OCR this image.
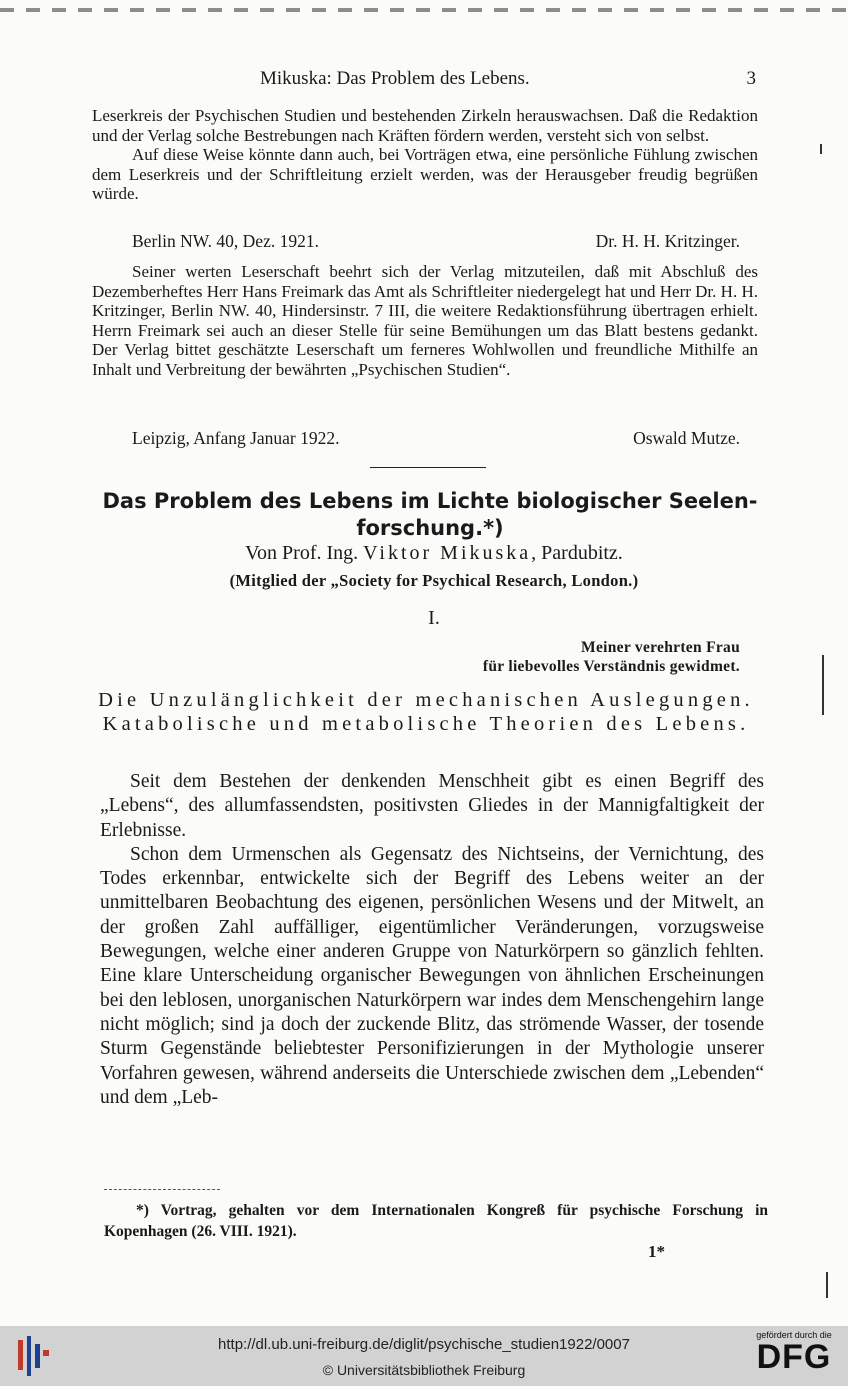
Mikuska: Das Problem des Lebens.	3

Leserkreis der Psychischen Studien und bestehenden Zirkeln herauswachsen. Daß die Redaktion und der Verlag solche Bestrebungen nach Kräften fördern werden, versteht sich von selbst.

Auf diese Weise könnte dann auch, bei Vorträgen etwa, eine persönliche Fühlung zwischen dem Leserkreis und der Schriftleitung erzielt werden, was der Herausgeber freudig begrüßen würde.

Berlin NW. 40, Dez. 1921.	Dr. H. H. Kritzinger.

Seiner werten Leserschaft beehrt sich der Verlag mitzuteilen, daß mit Abschluß des Dezemberheftes Herr Hans Freimark das Amt als Schriftleiter niedergelegt hat und Herr Dr. H. H. Kritzinger, Berlin NW. 40, Hindersinstr. 7 III, die weitere Redaktionsführung übertragen erhielt. Herrn Freimark sei auch an dieser Stelle für seine Bemühungen um das Blatt bestens gedankt. Der Verlag bittet geschätzte Leserschaft um ferneres Wohlwollen und freundliche Mithilfe an Inhalt und Verbreitung der bewährten „Psychischen Studien“.

Leipzig, Anfang Januar 1922.	Oswald Mutze.
Das Problem des Lebens im Lichte biologischer Seelen-
forschung.*)
Von Prof. Ing. Viktor Mikuska, Pardubitz.
(Mitglied der „Society for Psychical Research, London.)
I.
Meiner verehrten Frau
für liebevolles Verständnis gewidmet.
Die Unzulänglichkeit der mechanischen Auslegungen. Katabolische und metabolische Theorien des Lebens.

Seit dem Bestehen der denkenden Menschheit gibt es einen Begriff des „Lebens“, des allumfassendsten, positivsten Gliedes in der Mannigfaltigkeit der Erlebnisse.

Schon dem Urmenschen als Gegensatz des Nichtseins, der Vernichtung, des Todes erkennbar, entwickelte sich der Begriff des Lebens weiter an der unmittelbaren Beobachtung des eigenen, persönlichen Wesens und der Mitwelt, an der großen Zahl auffälliger, eigentümlicher Veränderungen, vorzugsweise Bewegungen, welche einer anderen Gruppe von Naturkörpern so gänzlich fehlten. Eine klare Unterscheidung organischer Bewegungen von ähnlichen Erscheinungen bei den leblosen, unorganischen Naturkörpern war indes dem Menschengehirn lange nicht möglich; sind ja doch der zuckende Blitz, das strömende Wasser, der tosende Sturm Gegenstände beliebtester Personifizierungen in der Mythologie unserer Vorfahren gewesen, während anderseits die Unterschiede zwischen dem „Lebenden“ und dem „Leb-

*) Vortrag, gehalten vor dem Internationalen Kongreß für psychische Forschung in Kopenhagen (26. VIII. 1921).
1*
http://dl.ub.uni-freiburg.de/diglit/psychische_studien1922/0007
© Universitätsbibliothek Freiburg
gefördert durch die
DFG
